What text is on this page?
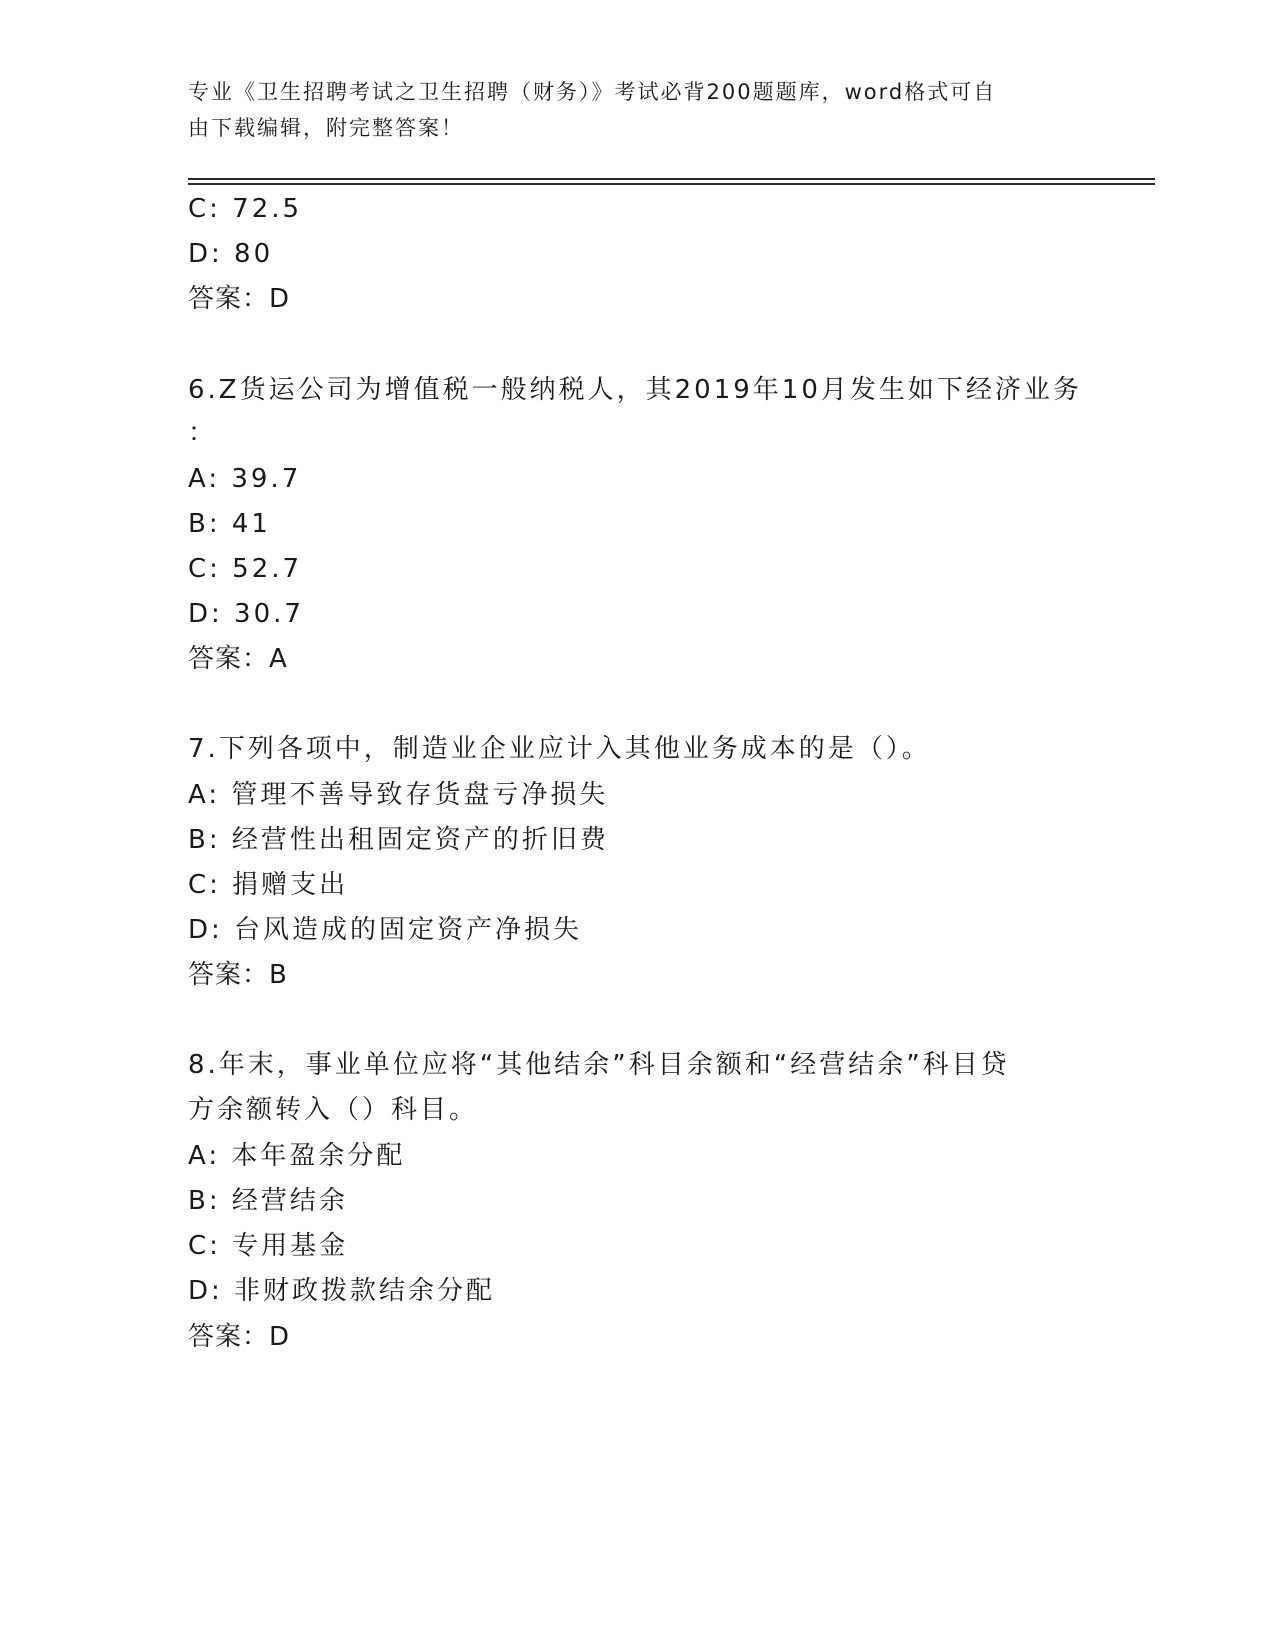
专业《卫生招聘考试之卫生招聘（财务）》考试必背200题题库，word格式可自
由下载编辑，附完整答案！
C: 72.5
D: 80
答案：D
6.Z货运公司为增值税一般纳税人，其2019年10月发生如下经济业务
：
A: 39.7
B: 41
C: 52.7
D: 30.7
答案：A
7.下列各项中，制造业企业应计入其他业务成本的是（）。
A: 管理不善导致存货盘亏净损失
B: 经营性出租固定资产的折旧费
C: 捐赠支出
D: 台风造成的固定资产净损失
答案：B
8.年末，事业单位应将“其他结余”科目余额和“经营结余”科目贷
方余额转入（）科目。
A: 本年盈余分配
B: 经营结余
C: 专用基金
D: 非财政拨款结余分配
答案：D
